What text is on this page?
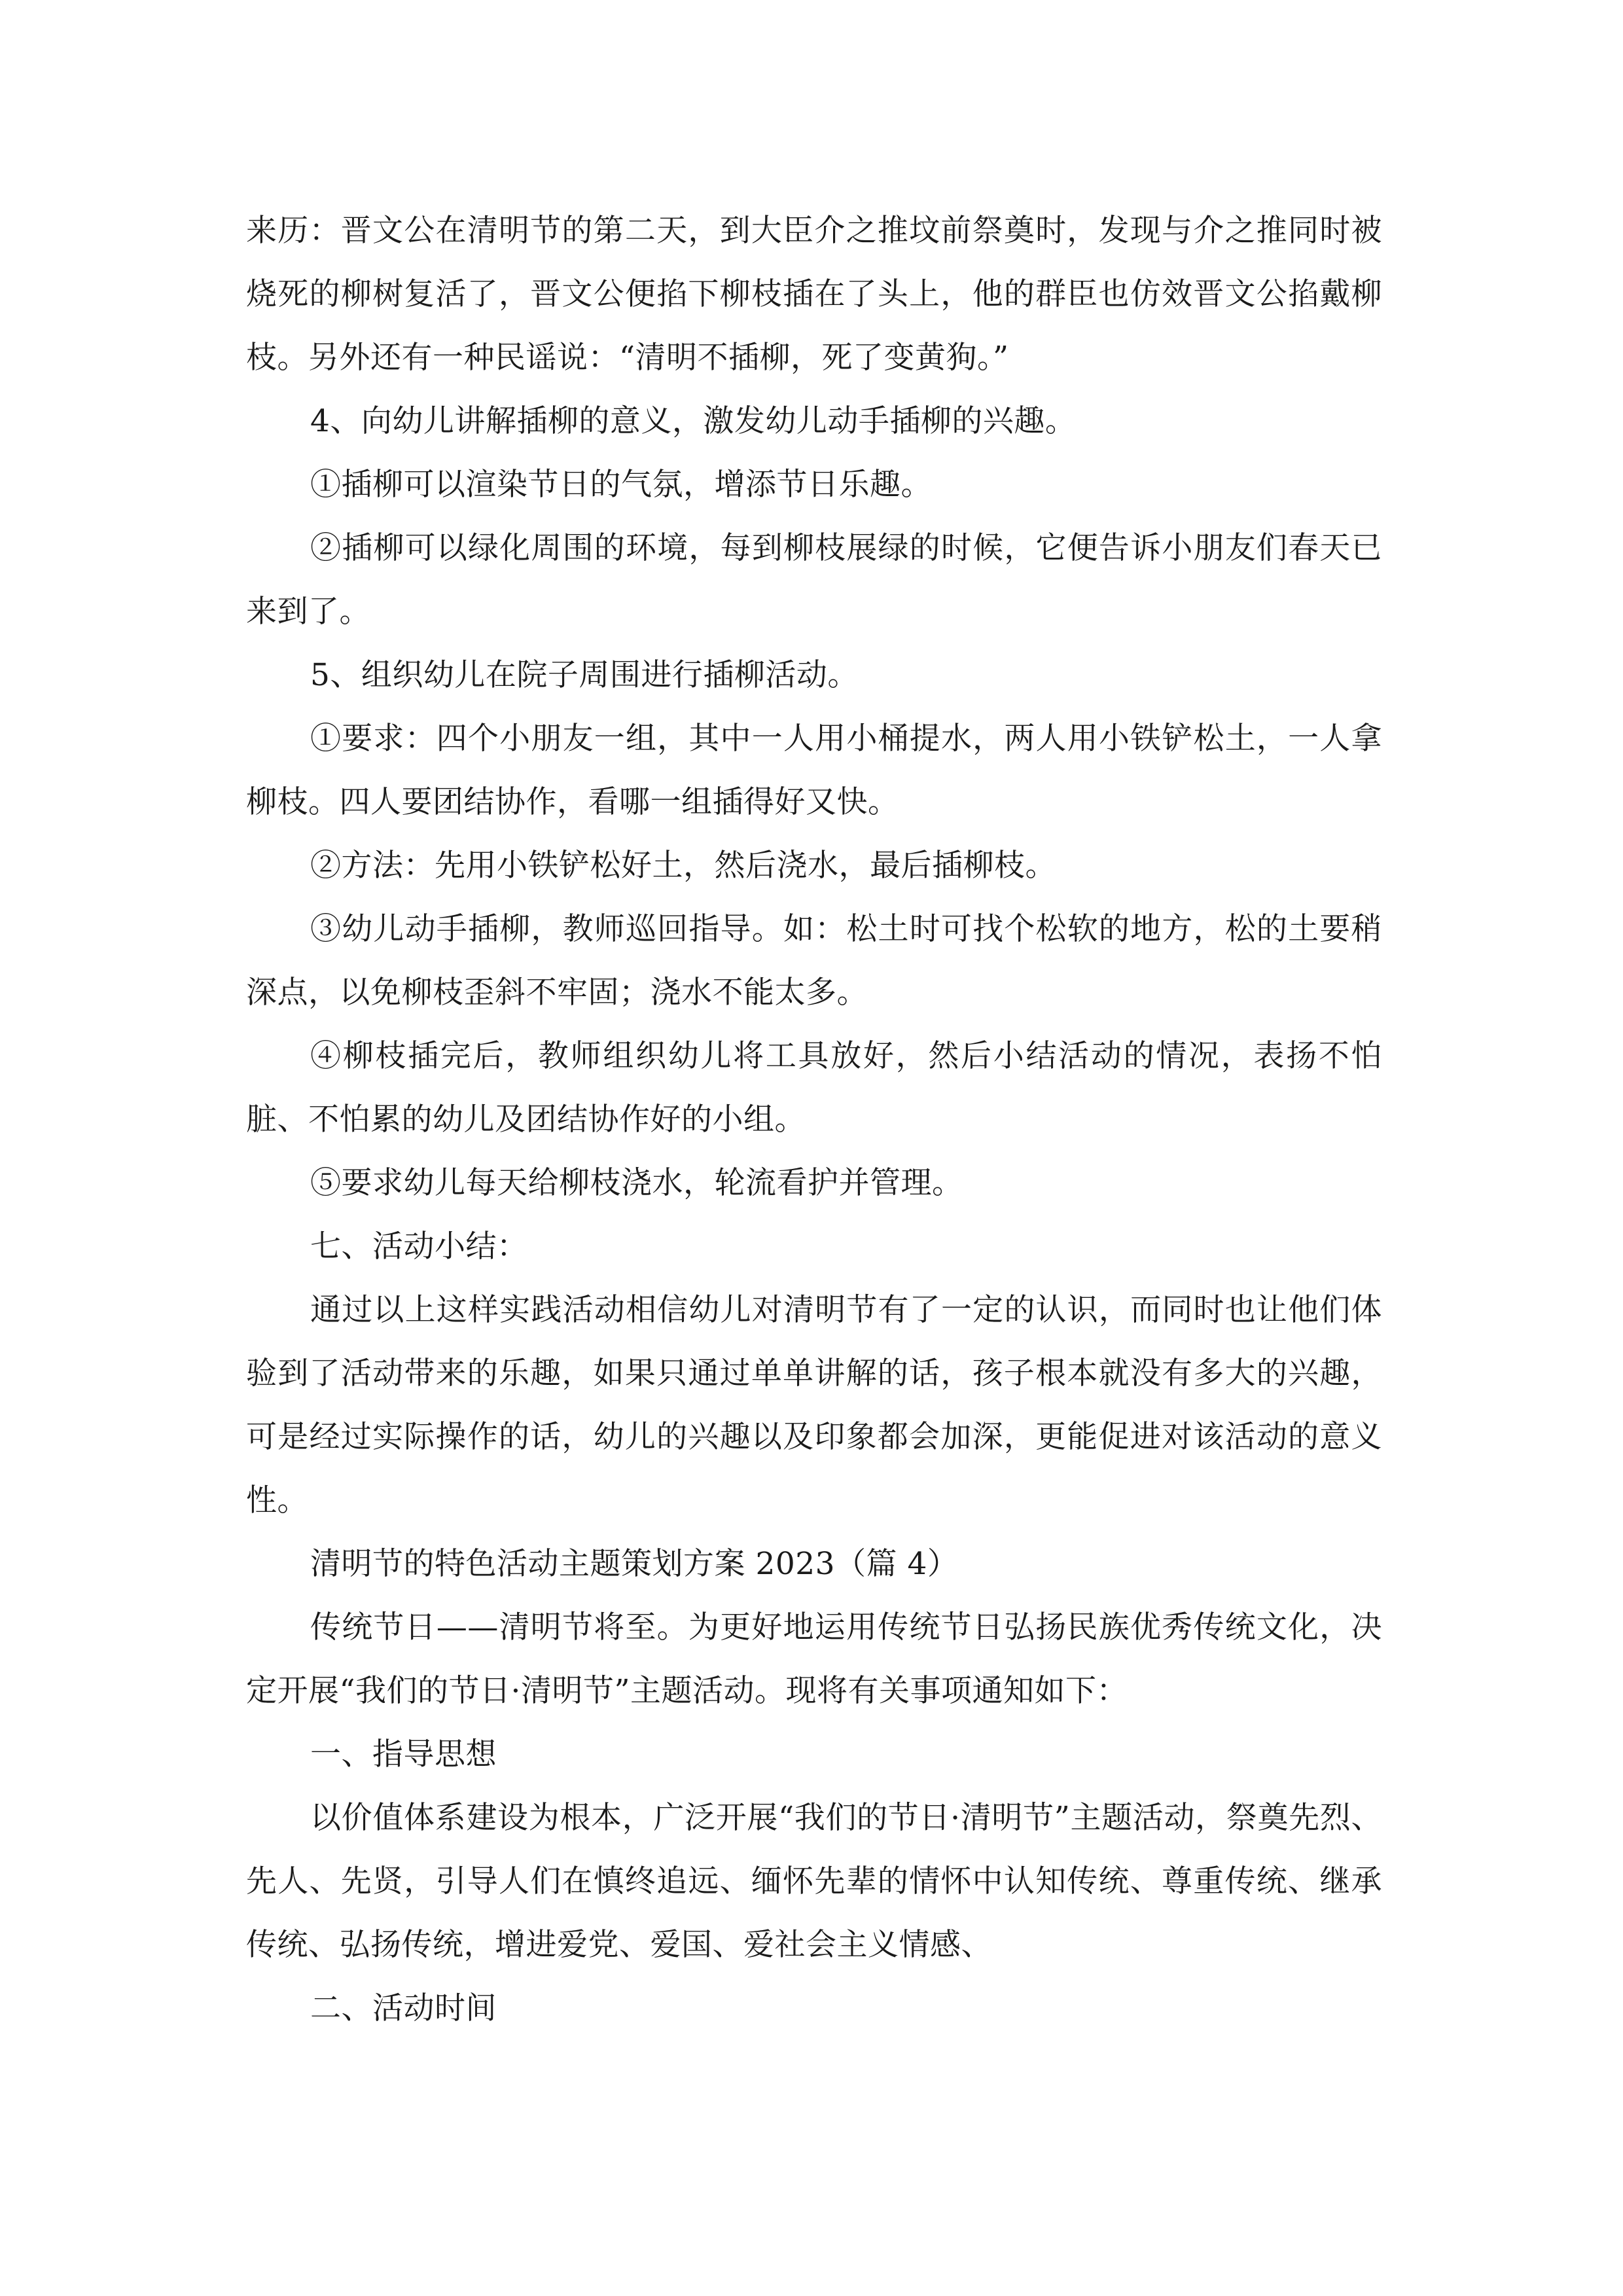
来历：晋文公在清明节的第二天，到大臣介之推坟前祭奠时，发现与介之推同时被烧死的柳树复活了，晋文公便掐下柳枝插在了头上，他的群臣也仿效晋文公掐戴柳枝。另外还有一种民谣说：“清明不插柳，死了变黄狗。”

4、向幼儿讲解插柳的意义，激发幼儿动手插柳的兴趣。

①插柳可以渲染节日的气氛，增添节日乐趣。

②插柳可以绿化周围的环境，每到柳枝展绿的时候，它便告诉小朋友们春天已来到了。

5、组织幼儿在院子周围进行插柳活动。

①要求：四个小朋友一组，其中一人用小桶提水，两人用小铁铲松土，一人拿柳枝。四人要团结协作，看哪一组插得好又快。

②方法：先用小铁铲松好土，然后浇水，最后插柳枝。

③幼儿动手插柳，教师巡回指导。如：松土时可找个松软的地方，松的土要稍深点，以免柳枝歪斜不牢固；浇水不能太多。

④柳枝插完后，教师组织幼儿将工具放好，然后小结活动的情况，表扬不怕脏、不怕累的幼儿及团结协作好的小组。

⑤要求幼儿每天给柳枝浇水，轮流看护并管理。

七、活动小结：

通过以上这样实践活动相信幼儿对清明节有了一定的认识，而同时也让他们体验到了活动带来的乐趣，如果只通过单单讲解的话，孩子根本就没有多大的兴趣，可是经过实际操作的话，幼儿的兴趣以及印象都会加深，更能促进对该活动的意义性。

清明节的特色活动主题策划方案 2023（篇 4）

传统节日——清明节将至。为更好地运用传统节日弘扬民族优秀传统文化，决定开展“我们的节日·清明节”主题活动。现将有关事项通知如下：

一、指导思想

以价值体系建设为根本，广泛开展“我们的节日·清明节”主题活动，祭奠先烈、先人、先贤，引导人们在慎终追远、缅怀先辈的情怀中认知传统、尊重传统、继承传统、弘扬传统，增进爱党、爱国、爱社会主义情感、

二、活动时间
